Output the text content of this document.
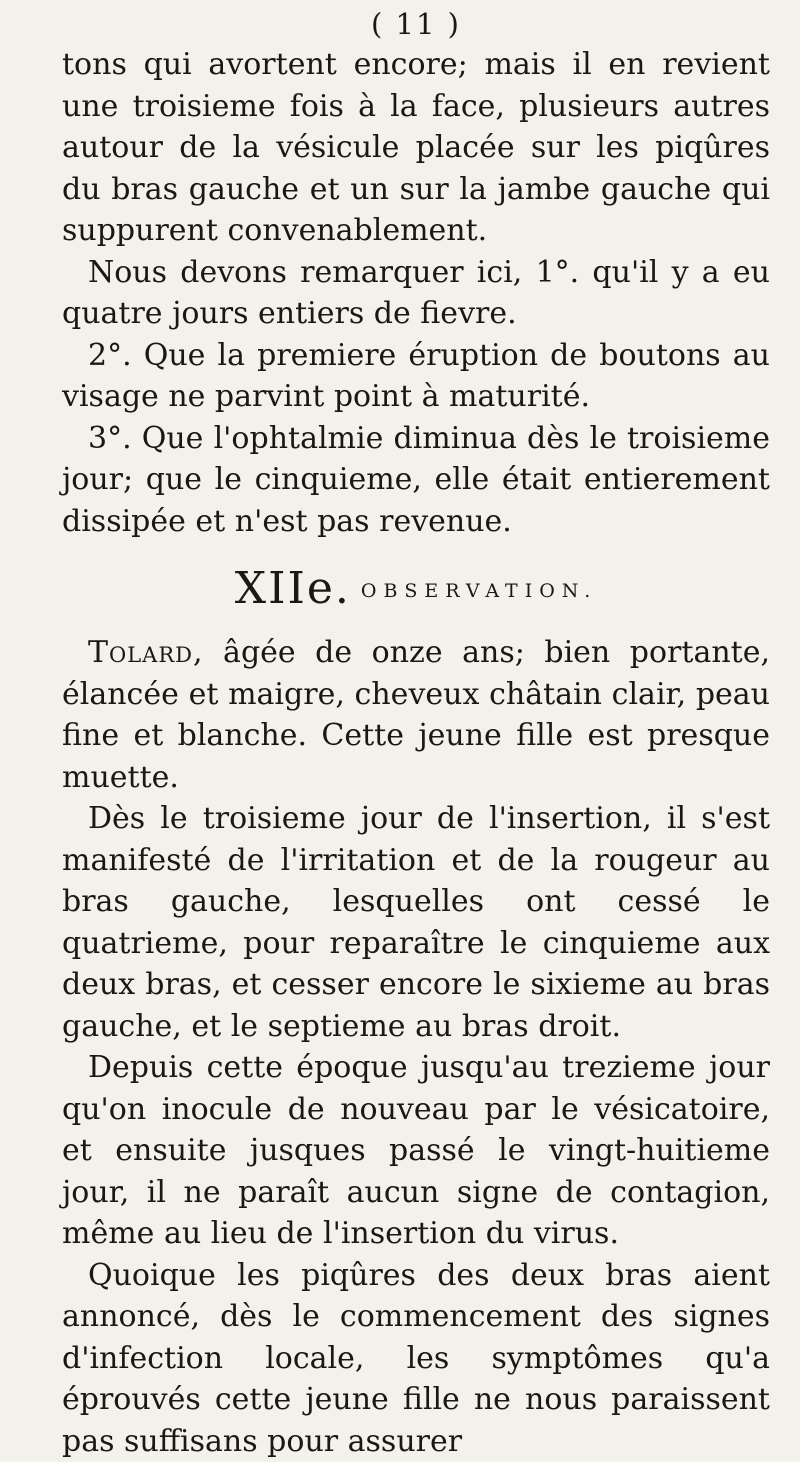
( 11 )

tons qui avortent encore; mais il en revient une troisieme fois à la face, plusieurs autres autour de la vésicule placée sur les piqûres du bras gauche et un sur la jambe gauche qui suppurent convenablement.

Nous devons remarquer ici, 1°. qu'il y a eu quatre jours entiers de fievre.

2°. Que la premiere éruption de boutons au visage ne parvint point à maturité.

3°. Que l'ophtalmie diminua dès le troisieme jour; que le cinquieme, elle était entierement dissipée et n'est pas revenue.

XIIe. OBSERVATION.

Tolard, âgée de onze ans; bien portante, élancée et maigre, cheveux châtain clair, peau fine et blanche. Cette jeune fille est presque muette.

Dès le troisieme jour de l'insertion, il s'est manifesté de l'irritation et de la rougeur au bras gauche, lesquelles ont cessé le quatrieme, pour reparaître le cinquieme aux deux bras, et cesser encore le sixieme au bras gauche, et le septieme au bras droit.

Depuis cette époque jusqu'au trezieme jour qu'on inocule de nouveau par le vésicatoire, et ensuite jusques passé le vingt-huitieme jour, il ne paraît aucun signe de contagion, même au lieu de l'insertion du virus.

Quoique les piqûres des deux bras aient annoncé, dès le commencement des signes d'infection locale, les symptômes qu'a éprouvés cette jeune fille ne nous paraissent pas suffisans pour assurer
